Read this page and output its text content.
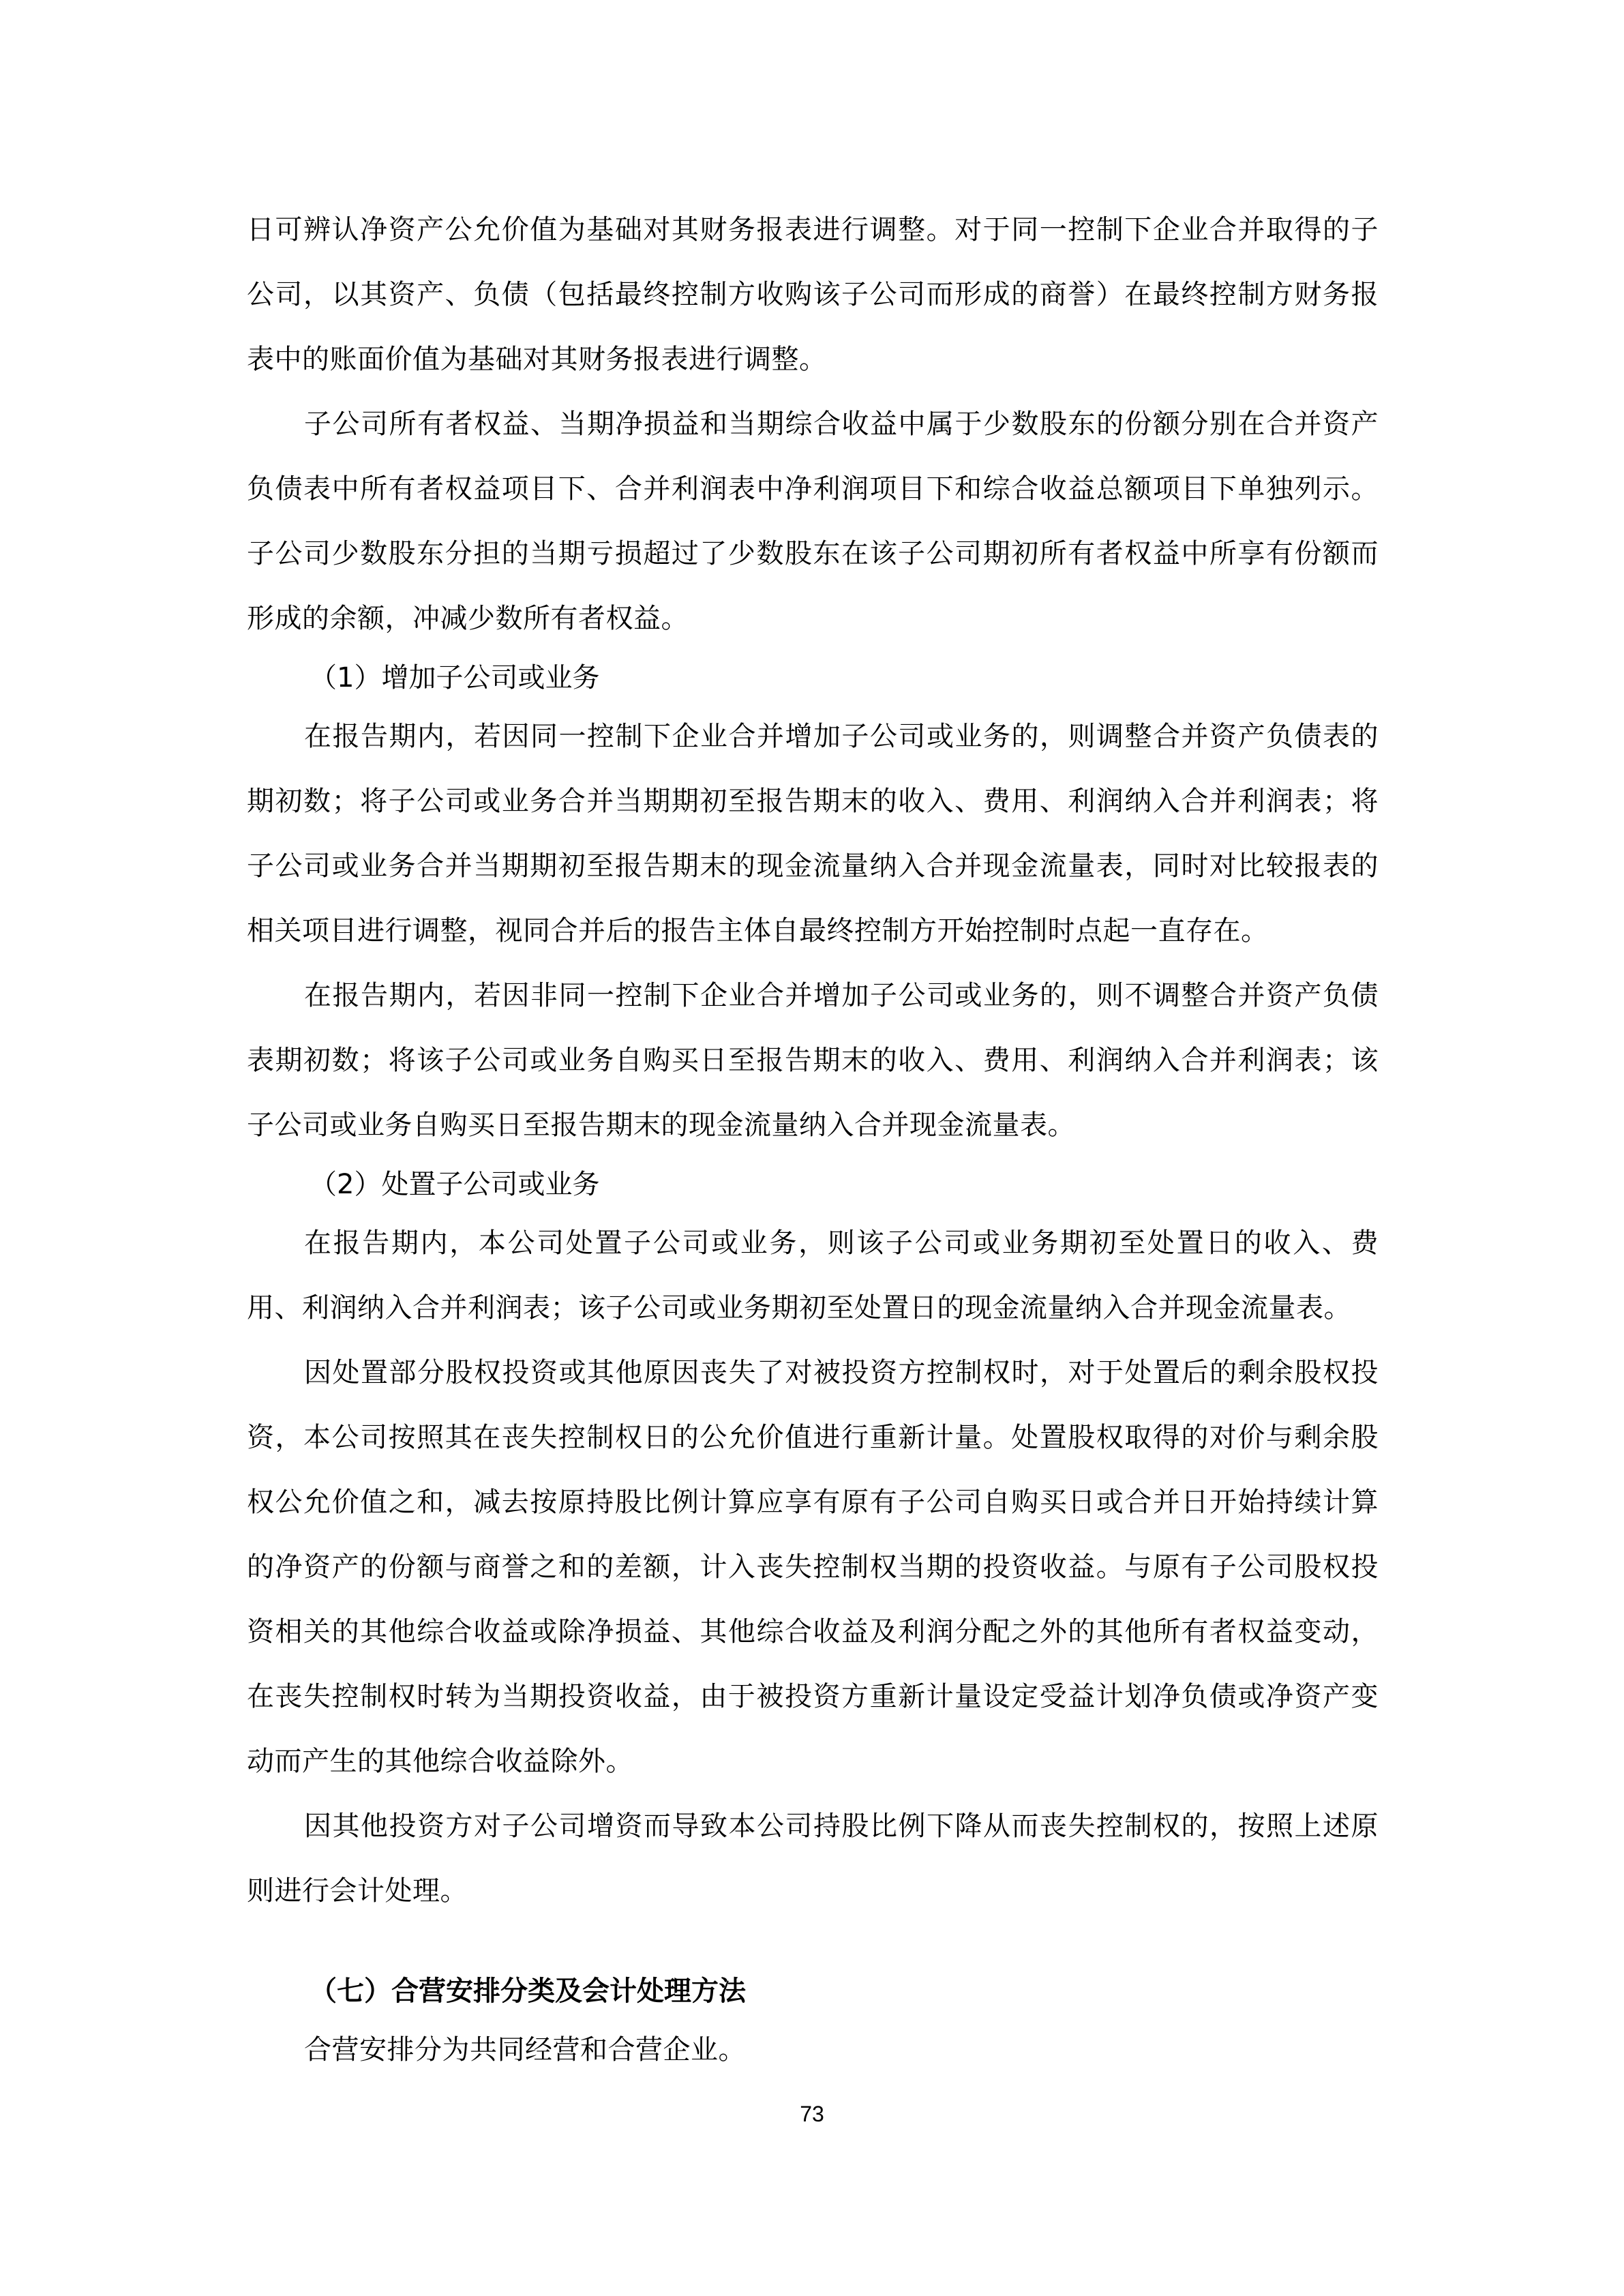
日可辨认净资产公允价值为基础对其财务报表进行调整。对于同一控制下企业合并取得的子公司，以其资产、负债（包括最终控制方收购该子公司而形成的商誉）在最终控制方财务报表中的账面价值为基础对其财务报表进行调整。

子公司所有者权益、当期净损益和当期综合收益中属于少数股东的份额分别在合并资产负债表中所有者权益项目下、合并利润表中净利润项目下和综合收益总额项目下单独列示。子公司少数股东分担的当期亏损超过了少数股东在该子公司期初所有者权益中所享有份额而形成的余额，冲减少数所有者权益。

（1）增加子公司或业务

在报告期内，若因同一控制下企业合并增加子公司或业务的，则调整合并资产负债表的期初数；将子公司或业务合并当期期初至报告期末的收入、费用、利润纳入合并利润表；将子公司或业务合并当期期初至报告期末的现金流量纳入合并现金流量表，同时对比较报表的相关项目进行调整，视同合并后的报告主体自最终控制方开始控制时点起一直存在。

在报告期内，若因非同一控制下企业合并增加子公司或业务的，则不调整合并资产负债表期初数；将该子公司或业务自购买日至报告期末的收入、费用、利润纳入合并利润表；该子公司或业务自购买日至报告期末的现金流量纳入合并现金流量表。

（2）处置子公司或业务

在报告期内，本公司处置子公司或业务，则该子公司或业务期初至处置日的收入、费用、利润纳入合并利润表；该子公司或业务期初至处置日的现金流量纳入合并现金流量表。

因处置部分股权投资或其他原因丧失了对被投资方控制权时，对于处置后的剩余股权投资，本公司按照其在丧失控制权日的公允价值进行重新计量。处置股权取得的对价与剩余股权公允价值之和，减去按原持股比例计算应享有原有子公司自购买日或合并日开始持续计算的净资产的份额与商誉之和的差额，计入丧失控制权当期的投资收益。与原有子公司股权投资相关的其他综合收益或除净损益、其他综合收益及利润分配之外的其他所有者权益变动，在丧失控制权时转为当期投资收益，由于被投资方重新计量设定受益计划净负债或净资产变动而产生的其他综合收益除外。

因其他投资方对子公司增资而导致本公司持股比例下降从而丧失控制权的，按照上述原则进行会计处理。

（七）合营安排分类及会计处理方法

合营安排分为共同经营和合营企业。

73
